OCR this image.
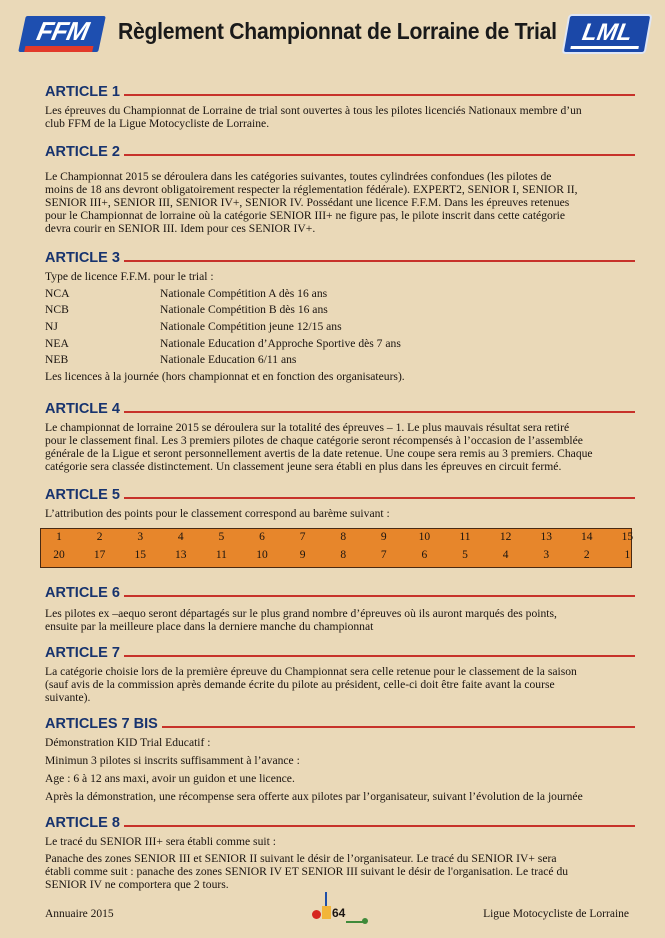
FFM	Règlement Championnat de Lorraine de Trial LML
ARTICLE 1
Les épreuves du Championnat de Lorraine de trial sont ouvertes à tous les pilotes licenciés Nationaux membre d’un
club FFM de la Ligue Motocycliste de Lorraine.
ARTICLE 2
Le Championnat 2015 se déroulera dans les catégories suivantes, toutes cylindrées confondues (les pilotes de
moins de 18 ans devront obligatoirement respecter la réglementation fédérale). EXPERT2, SENIOR I, SENIOR II,
SENIOR III+, SENIOR III, SENIOR IV+, SENIOR IV. Possédant une licence F.F.M. Dans les épreuves retenues
pour le Championnat de lorraine où la catégorie SENIOR III+ ne figure pas, le pilote inscrit dans cette catégorie
devra courir en SENIOR III. Idem pour ces SENIOR IV+.
ARTICLE 3
Type de licence F.F.M. pour le trial :
NCA	Nationale Compétition A dès 16 ans
NCB	Nationale Compétition B dès 16 ans
NJ	Nationale Compétition jeune 12/15 ans
NEA	Nationale Education d’Approche Sportive dès 7 ans
NEB	Nationale Education 6/11 ans
Les licences à la journée (hors championnat et en fonction des organisateurs).
ARTICLE 4
Le championnat de lorraine 2015 se déroulera sur la totalité des épreuves – 1. Le plus mauvais résultat sera retiré
pour le classement final. Les 3 premiers pilotes de chaque catégorie seront récompensés à l’occasion de l’assemblée
générale de la Ligue et seront personnellement avertis de la date retenue. Une coupe sera remis au 3 premiers. Chaque
catégorie sera classée distinctement. Un classement jeune sera établi en plus dans les épreuves en circuit fermé.
ARTICLE 5
L’attribution des points pour le classement correspond au barème suivant :
1	2	3	4	5	6	7	8	9	10	11	12	13	14	15
20	17	15	13	11	10	9	8	7	6	5	4	3	2	1
ARTICLE 6
Les pilotes ex –aequo seront départagés sur le plus grand nombre d’épreuves où ils auront marqués des points,
ensuite par la meilleure place dans la derniere manche du championnat
ARTICLE 7
La catégorie choisie lors de la première épreuve du Championnat sera celle retenue pour le classement de la saison
(sauf avis de la commission après demande écrite du pilote au président, celle-ci doit être faite avant la course
suivante).
ARTICLES 7 BIS
Démonstration KID Trial Educatif :
Minimun 3 pilotes si inscrits suffisamment à l’avance :
Age : 6 à 12 ans maxi, avoir un guidon et une licence.
Après la démonstration, une récompense sera offerte aux pilotes par l’organisateur, suivant l’évolution de la journée
ARTICLE 8
Le tracé du SENIOR III+ sera établi comme suit :
Panache des zones SENIOR III et SENIOR II suivant le désir de l’organisateur. Le tracé du SENIOR IV+ sera
établi comme suit : panache des zones SENIOR IV ET SENIOR III suivant le désir de l'organisation. Le tracé du
SENIOR IV ne comportera que 2 tours.
Annuaire 2015	64	Ligue Motocycliste de Lorraine
